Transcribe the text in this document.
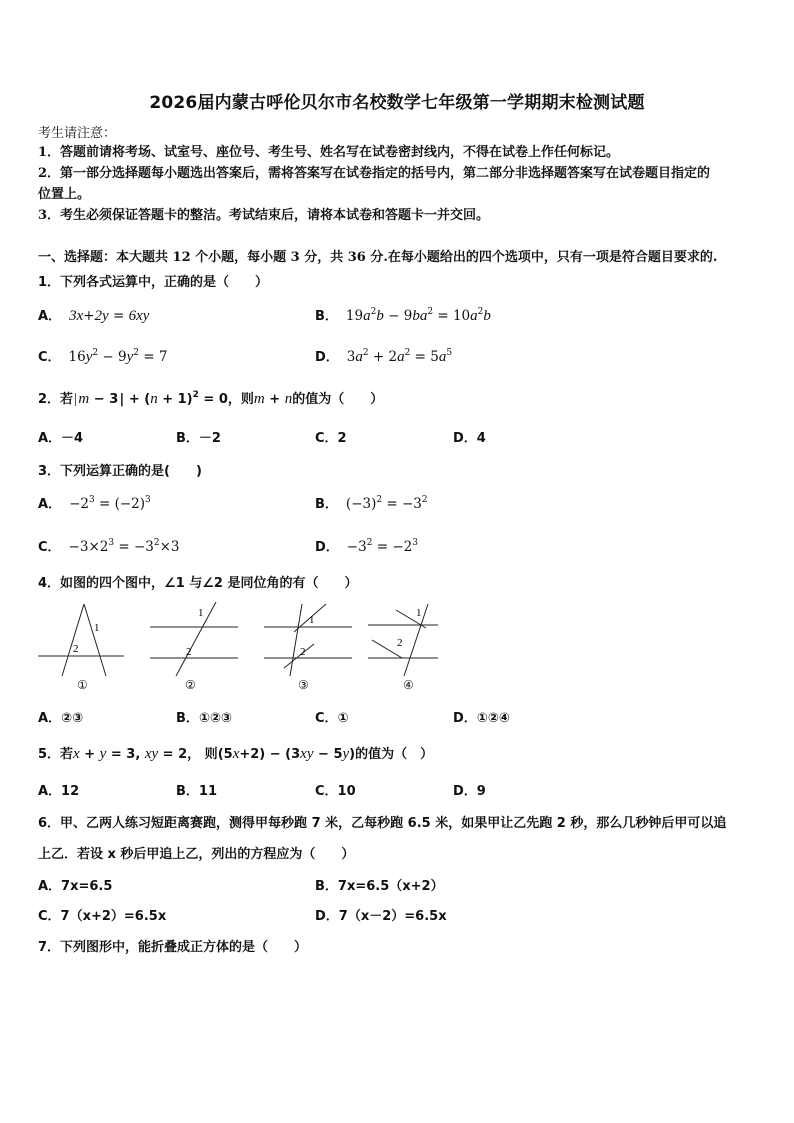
2026届内蒙古呼伦贝尔市名校数学七年级第一学期期末检测试题
考生请注意：
1．答题前请将考场、试室号、座位号、考生号、姓名写在试卷密封线内，不得在试卷上作任何标记。
2．第一部分选择题每小题选出答案后，需将答案写在试卷指定的括号内，第二部分非选择题答案写在试卷题目指定的
位置上。
3．考生必须保证答题卡的整洁。考试结束后，请将本试卷和答题卡一并交回。
一、选择题：本大题共 12 个小题，每小题 3 分，共 36 分.在每小题给出的四个选项中，只有一项是符合题目要求的.
1．下列各式运算中，正确的是（　　）
A． 3x+2y = 6xy	B． $19a^2b - 9ba^2 = 10a^2b$
C． $16y^2 - 9y^2 = 7$	D． $3a^2 + 2a^2 = 5a^5$
2．若| m − 3 | + $(n + 1)^2 = 0$，则m + n的值为（　　）
A．－4	B．－2	C．2	D．4
3．下列运算正确的是(　　)
A． $-2^3 = (-2)^3$	B． $(-3)^2 = -3^2$
C． $-3\times 2^3 = -3^2\times 3$	D． $-3^2 = -2^3$
4．如图的四个图中，∠1 与∠2 是同位角的有（　　）
1
2
①
1
2
②
1
2
③
1
2
④
A．②③	B．①②③	C．①	D．①②④
5．若x + y = 3, xy = 2， 则(5x+2) − (3xy − 5y)的值为（　）
A．12	B．11	C．10	D．9
6．甲、乙两人练习短距离赛跑，测得甲每秒跑 7 米，乙每秒跑 6.5 米，如果甲让乙先跑 2 秒，那么几秒钟后甲可以追
上乙．若设 x 秒后甲追上乙，列出的方程应为（　　）
A．7x=6.5	B．7x=6.5（x+2）
C．7（x+2）=6.5x	D．7（x－2）=6.5x
7．下列图形中，能折叠成正方体的是（　　）
